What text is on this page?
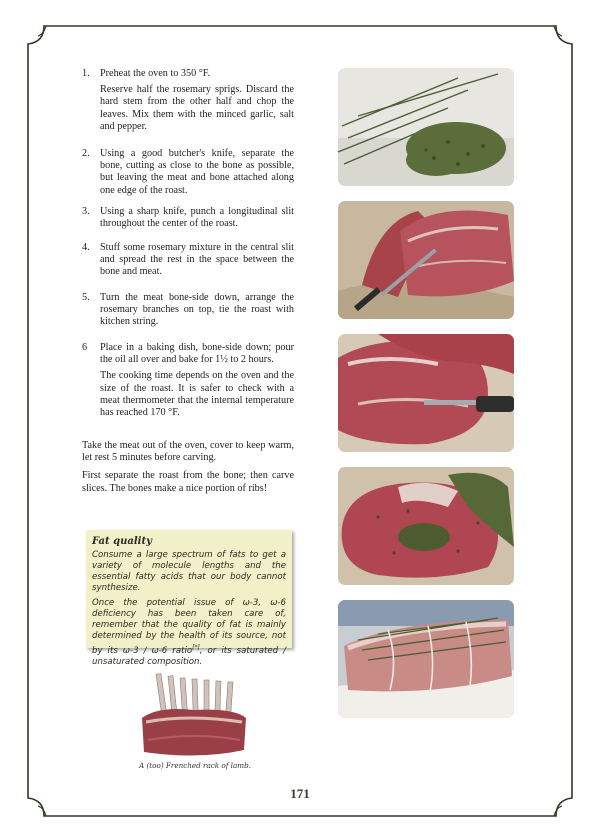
1.	Preheat the oven to 350 °F.

Reserve half the rosemary sprigs. Discard the hard stem from the other half and chop the leaves. Mix them with the minced garlic, salt and pepper.

2.	Using a good butcher's knife, separate the bone, cutting as close to the bone as possible, but leaving the meat and bone attached along one edge of the roast.

3.	Using a sharp knife, punch a longitudinal slit throughout the center of the roast.

4.	Stuff some rosemary mixture in the central slit and spread the rest in the space between the bone and meat.

5.	Turn the meat bone-side down, arrange the rosemary branches on top, tie the roast with kitchen string.

6	Place in a baking dish, bone-side down; pour the oil all over and bake for 1½ to 2 hours.

The cooking time depends on the oven and the size of the roast. It is safer to check with a meat thermometer that the internal temperature has reached 170 °F.

Take the meat out of the oven, cover to keep warm, let rest 5 minutes before carving.

First separate the roast from the bone; then carve slices. The bones make a nice portion of ribs!

Fat quality

Consume a large spectrum of fats to get a variety of molecule lengths and the essential fatty acids that our body cannot synthesize.

Once the potential issue of ω-3, ω-6 deficiency has been taken care of, remember that the quality of fat is mainly determined by the health of its source, not by its ω-3 / ω-6 ratio[*], or its saturated / unsaturated composition.

A (too) Frenched rack of lamb.
171
